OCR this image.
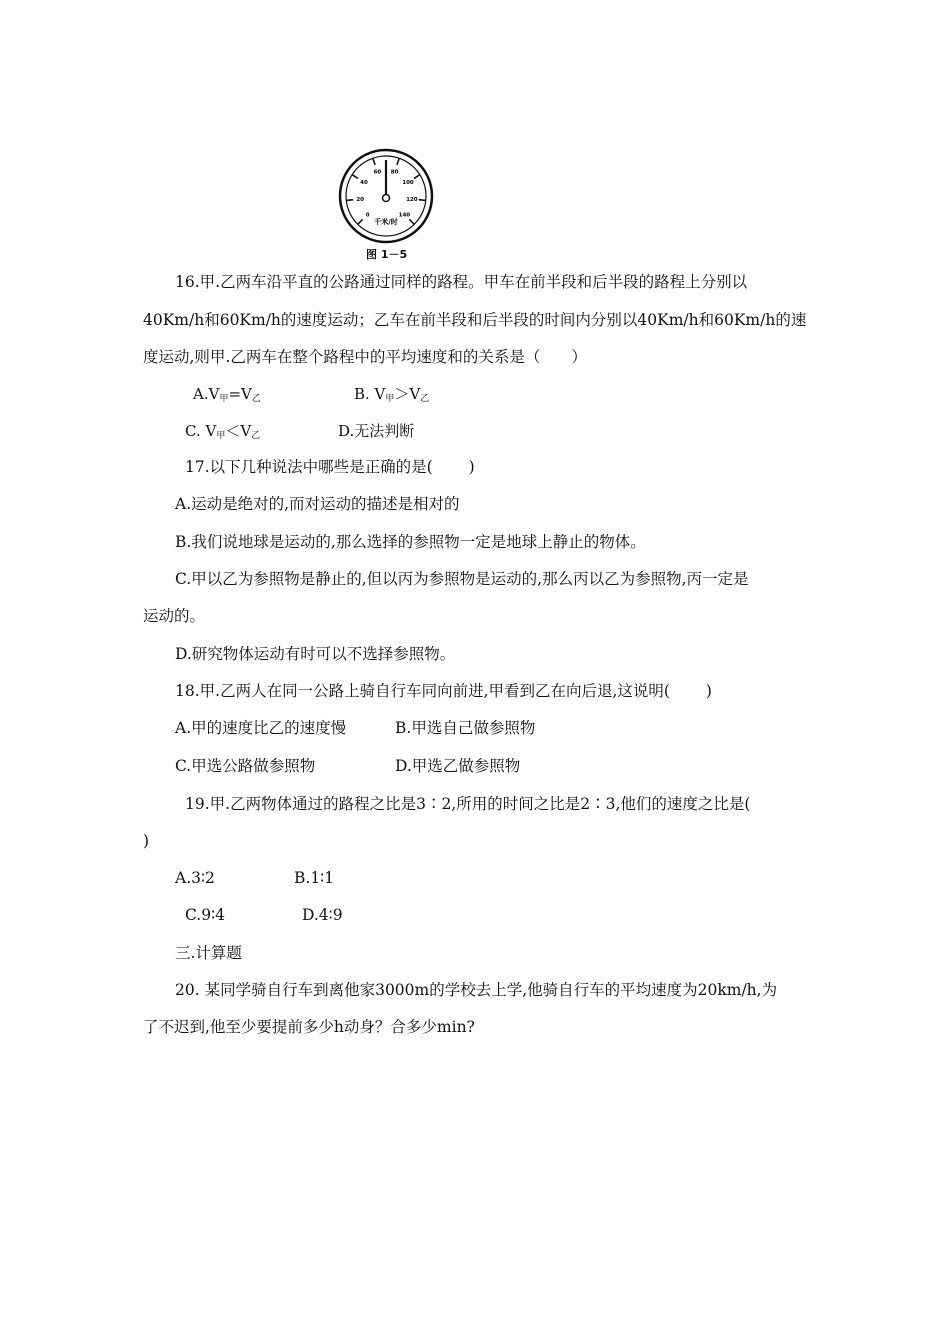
0
20
40
60 80
100
120
140
千米/时
图 1－5
16.甲.乙两车沿平直的公路通过同样的路程。甲车在前半段和后半段的路程上分别以
40Km/h和60Km/h的速度运动；乙车在前半段和后半段的时间内分别以40Km/h和60Km/h的速
度运动,则甲.乙两车在整个路程中的平均速度和的关系是（　　）
$A.V_甲=V_乙$	B. $V_甲>V_乙$
C. $V_甲<V_乙$	D.无法判断
17.以下几种说法中哪些是正确的是(　　 )
A.运动是绝对的,而对运动的描述是相对的
B.我们说地球是运动的,那么选择的参照物一定是地球上静止的物体。
C.甲以乙为参照物是静止的,但以丙为参照物是运动的,那么丙以乙为参照物,丙一定是
运动的。
D.研究物体运动有时可以不选择参照物。
18.甲.乙两人在同一公路上骑自行车同向前进,甲看到乙在向后退,这说明(　　 )
A.甲的速度比乙的速度慢	B.甲选自己做参照物
C.甲选公路做参照物	D.甲选乙做参照物
19.甲.乙两物体通过的路程之比是3∶2,所用的时间之比是2∶3,他们的速度之比是(
)
A.3∶2	B.1∶1
C.9∶4	D.4∶9
三.计算题
20. 某同学骑自行车到离他家3000m的学校去上学,他骑自行车的平均速度为20km/h,为
了不迟到,他至少要提前多少h动身？合多少min?
